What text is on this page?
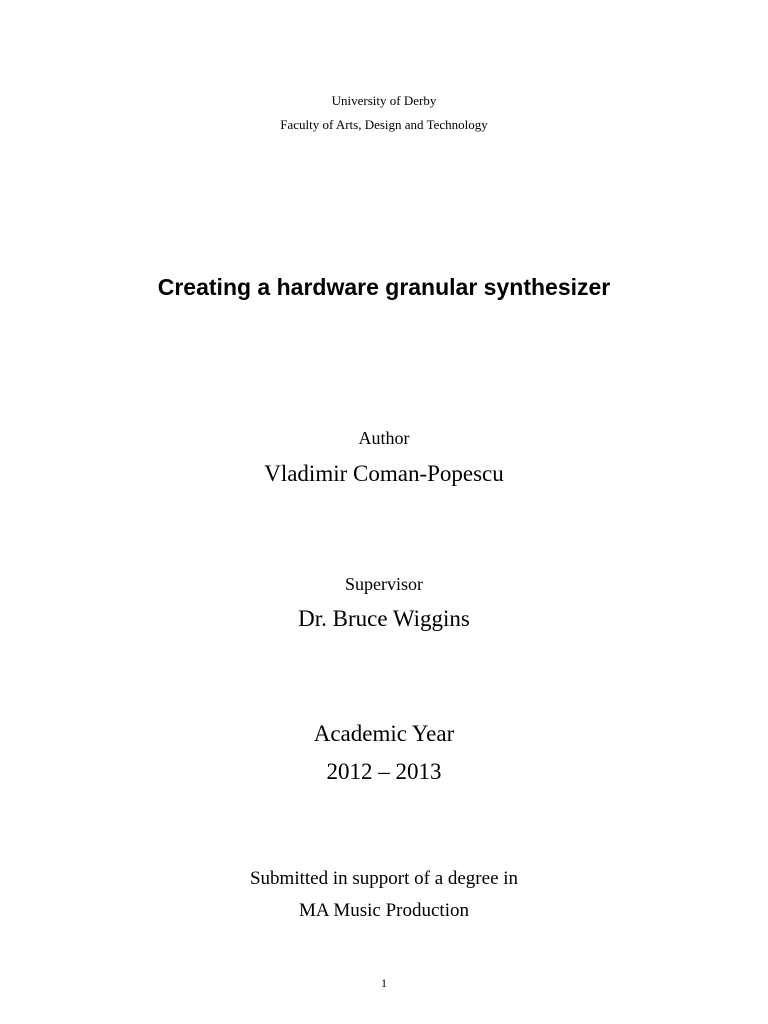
University of Derby
Faculty of Arts, Design and Technology
Creating a hardware granular synthesizer
Author
Vladimir Coman-Popescu
Supervisor
Dr. Bruce Wiggins
Academic Year
2012 – 2013
Submitted in support of a degree in
MA Music Production
1
